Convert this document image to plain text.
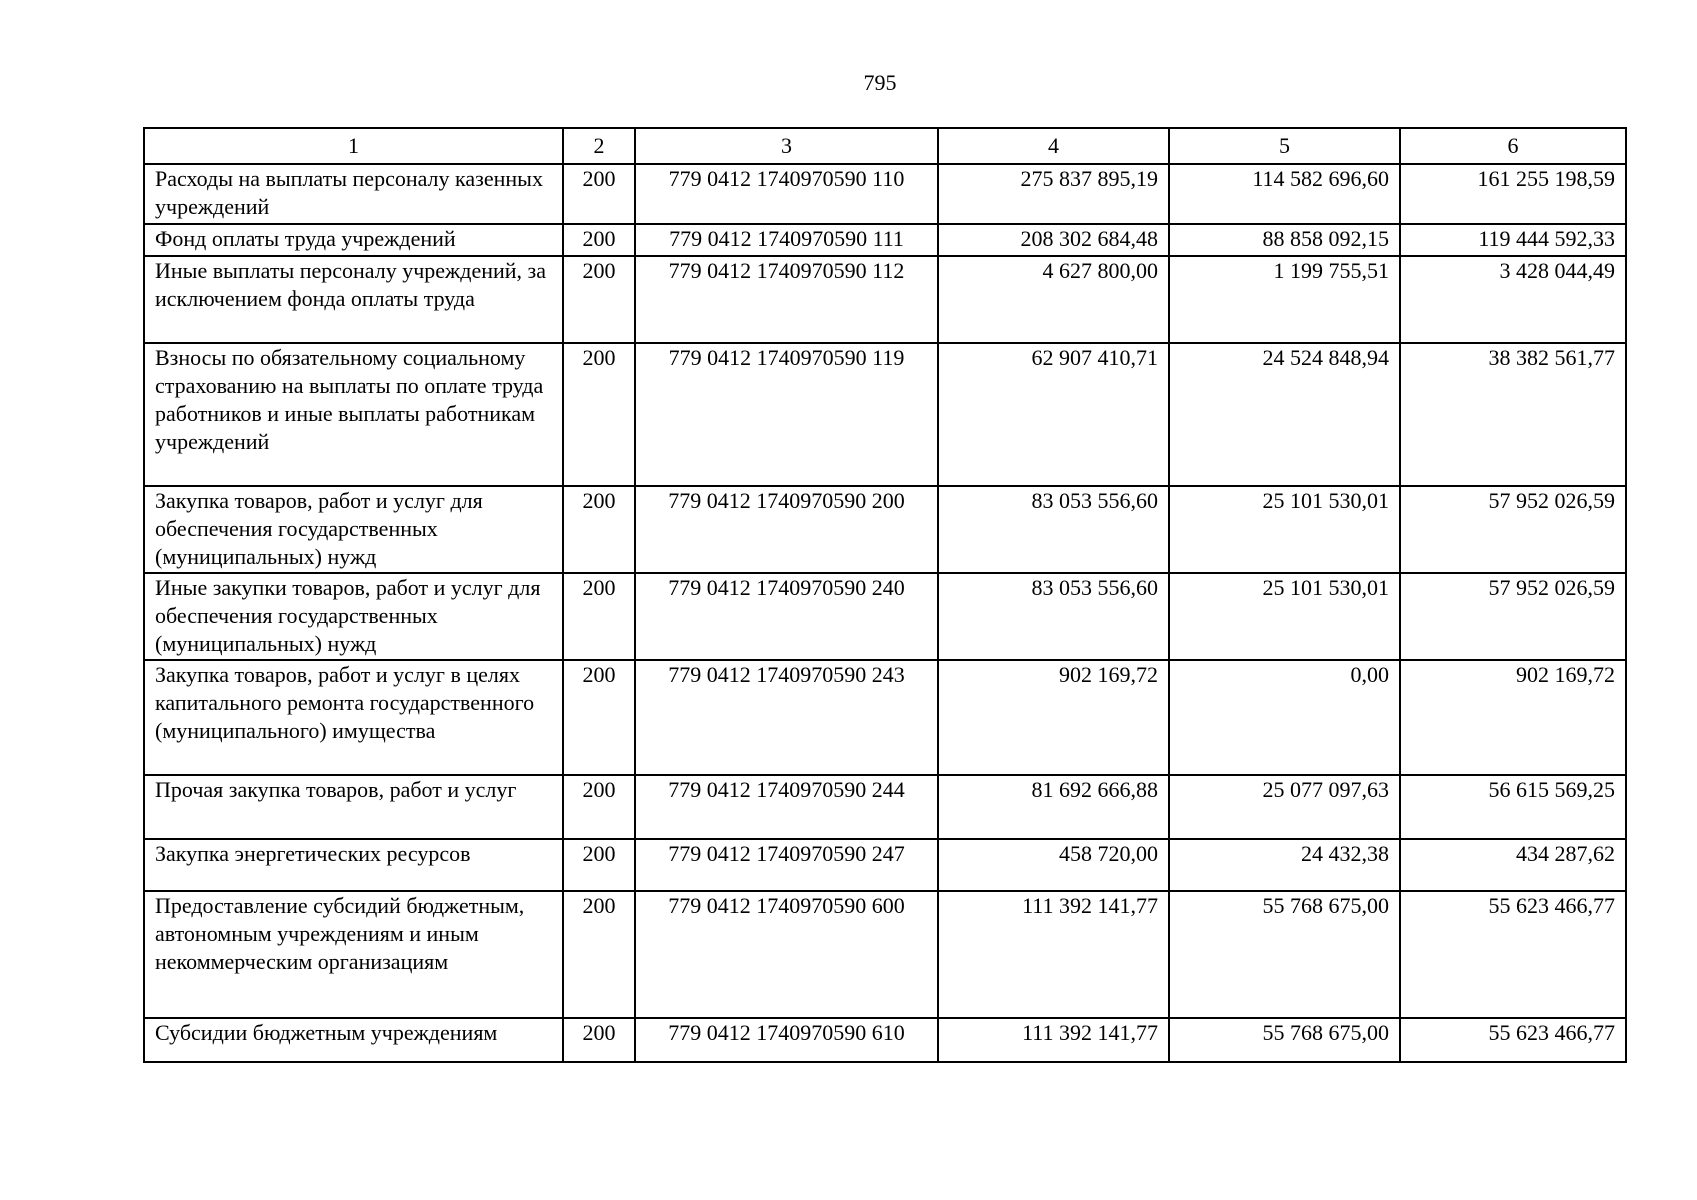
795
1	2	3	4	5	6
Расходы на выплаты персоналу казенных учреждений	200	779 0412 1740970590 110	275 837 895,19	114 582 696,60	161 255 198,59
Фонд оплаты труда учреждений	200	779 0412 1740970590 111	208 302 684,48	88 858 092,15	119 444 592,33
Иные выплаты персоналу учреждений, за исключением фонда оплаты труда	200	779 0412 1740970590 112	4 627 800,00	1 199 755,51	3 428 044,49
Взносы по обязательному социальному страхованию на выплаты по оплате труда работников и иные выплаты работникам учреждений	200	779 0412 1740970590 119	62 907 410,71	24 524 848,94	38 382 561,77
Закупка товаров, работ и услуг для обеспечения государственных (муниципальных) нужд	200	779 0412 1740970590 200	83 053 556,60	25 101 530,01	57 952 026,59
Иные закупки товаров, работ и услуг для обеспечения государственных (муниципальных) нужд	200	779 0412 1740970590 240	83 053 556,60	25 101 530,01	57 952 026,59
Закупка товаров, работ и услуг в целях капитального ремонта государственного (муниципального) имущества	200	779 0412 1740970590 243	902 169,72	0,00	902 169,72
Прочая закупка товаров, работ и услуг	200	779 0412 1740970590 244	81 692 666,88	25 077 097,63	56 615 569,25
Закупка энергетических ресурсов	200	779 0412 1740970590 247	458 720,00	24 432,38	434 287,62
Предоставление субсидий бюджетным, автономным учреждениям и иным некоммерческим организациям	200	779 0412 1740970590 600	111 392 141,77	55 768 675,00	55 623 466,77
Субсидии бюджетным учреждениям	200	779 0412 1740970590 610	111 392 141,77	55 768 675,00	55 623 466,77
